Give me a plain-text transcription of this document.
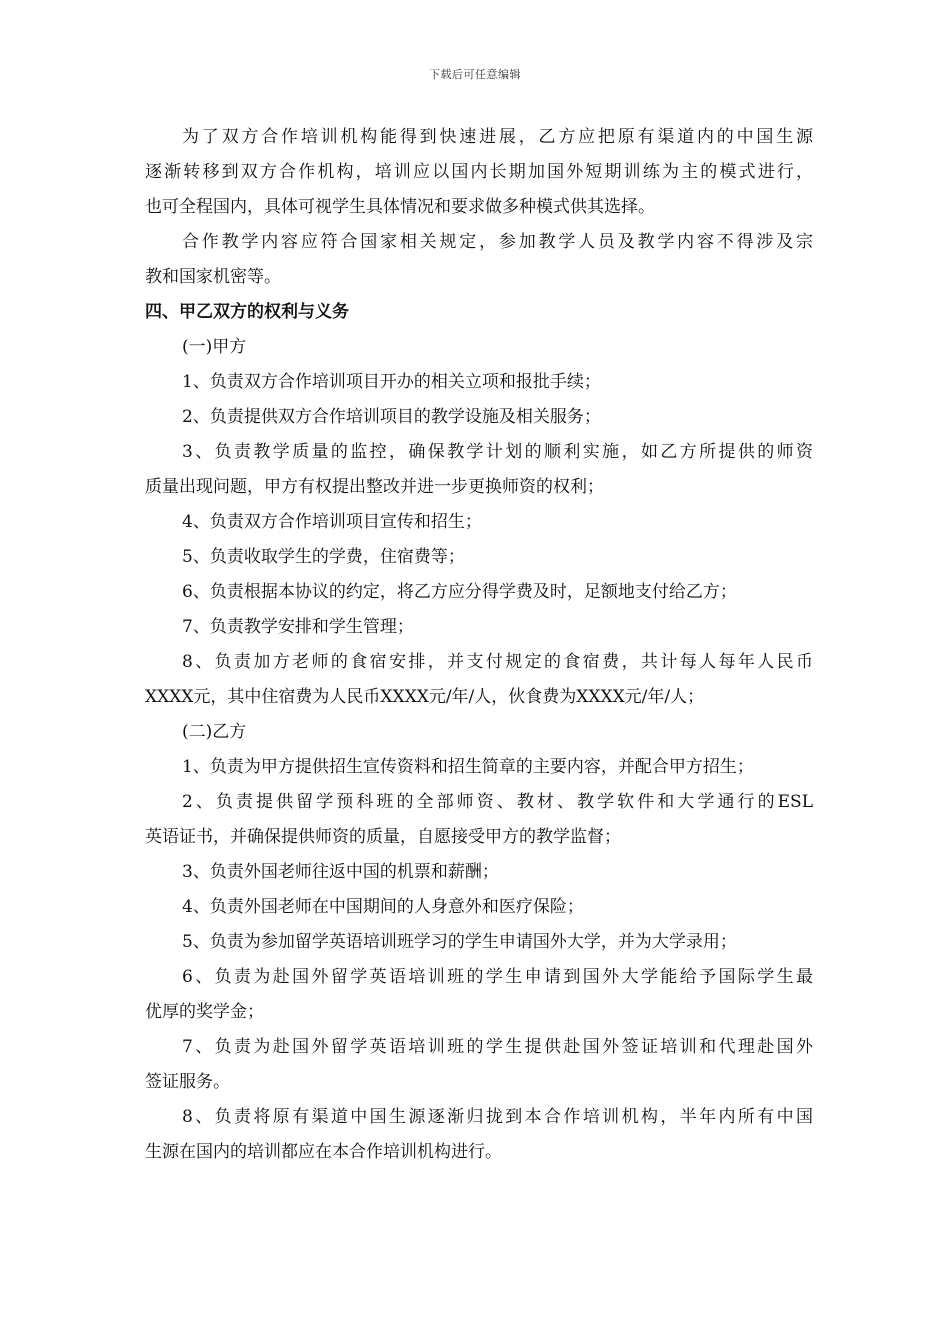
下载后可任意编辑
为了双方合作培训机构能得到快速进展，乙方应把原有渠道内的中国生源
逐渐转移到双方合作机构，培训应以国内长期加国外短期训练为主的模式进行，
也可全程国内，具体可视学生具体情况和要求做多种模式供其选择。
合作教学内容应符合国家相关规定，参加教学人员及教学内容不得涉及宗
教和国家机密等。
四、甲乙双方的权利与义务
(一)甲方
1、负责双方合作培训项目开办的相关立项和报批手续；
2、负责提供双方合作培训项目的教学设施及相关服务；
3、负责教学质量的监控，确保教学计划的顺利实施，如乙方所提供的师资
质量出现问题，甲方有权提出整改并进一步更换师资的权利；
4、负责双方合作培训项目宣传和招生；
5、负责收取学生的学费，住宿费等；
6、负责根据本协议的约定，将乙方应分得学费及时，足额地支付给乙方；
7、负责教学安排和学生管理；
8、负责加方老师的食宿安排，并支付规定的食宿费，共计每人每年人民币
XXXX元，其中住宿费为人民币XXXX元/年/人，伙食费为XXXX元/年/人；
(二)乙方
1、负责为甲方提供招生宣传资料和招生简章的主要内容，并配合甲方招生；
2、负责提供留学预科班的全部师资、教材、教学软件和大学通行的ESL
英语证书，并确保提供师资的质量，自愿接受甲方的教学监督；
3、负责外国老师往返中国的机票和薪酬；
4、负责外国老师在中国期间的人身意外和医疗保险；
5、负责为参加留学英语培训班学习的学生申请国外大学，并为大学录用；
6、负责为赴国外留学英语培训班的学生申请到国外大学能给予国际学生最
优厚的奖学金；
7、负责为赴国外留学英语培训班的学生提供赴国外签证培训和代理赴国外
签证服务。
8、负责将原有渠道中国生源逐渐归拢到本合作培训机构，半年内所有中国
生源在国内的培训都应在本合作培训机构进行。
